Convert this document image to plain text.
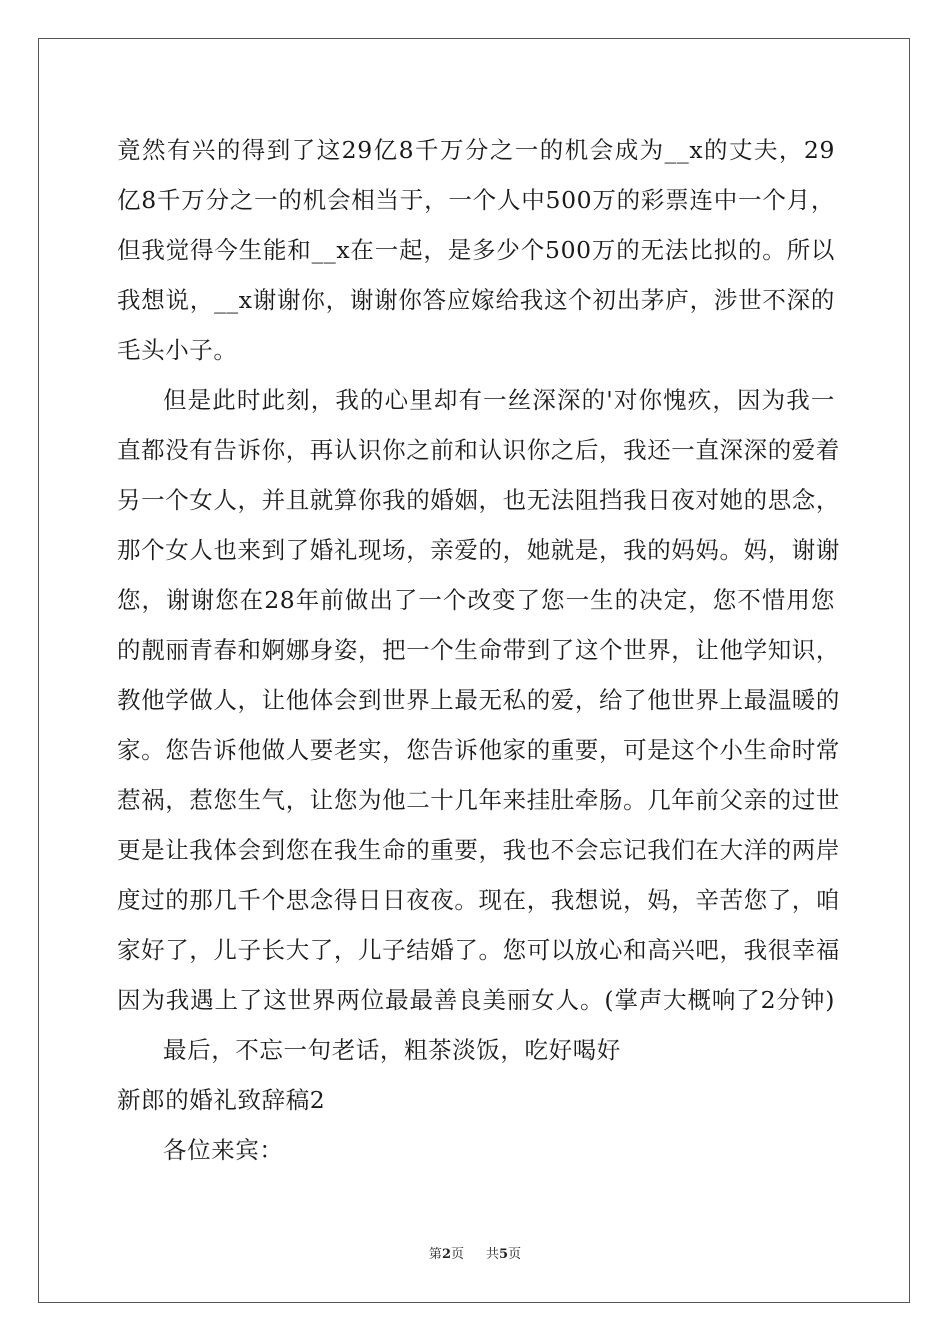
竟然有兴的得到了这29亿8千万分之一的机会成为__x的丈夫，29
亿8千万分之一的机会相当于，一个人中500万的彩票连中一个月，
但我觉得今生能和__x在一起，是多少个500万的无法比拟的。所以
我想说，__x谢谢你，谢谢你答应嫁给我这个初出茅庐，涉世不深的
毛头小子。
但是此时此刻，我的心里却有一丝深深的'对你愧疚，因为我一
直都没有告诉你，再认识你之前和认识你之后，我还一直深深的爱着
另一个女人，并且就算你我的婚姻，也无法阻挡我日夜对她的思念，
那个女人也来到了婚礼现场，亲爱的，她就是，我的妈妈。妈，谢谢
您，谢谢您在28年前做出了一个改变了您一生的决定，您不惜用您
的靓丽青春和婀娜身姿，把一个生命带到了这个世界，让他学知识，
教他学做人，让他体会到世界上最无私的爱，给了他世界上最温暖的
家。您告诉他做人要老实，您告诉他家的重要，可是这个小生命时常
惹祸，惹您生气，让您为他二十几年来挂肚牵肠。几年前父亲的过世
更是让我体会到您在我生命的重要，我也不会忘记我们在大洋的两岸
度过的那几千个思念得日日夜夜。现在，我想说，妈，辛苦您了，咱
家好了，儿子长大了，儿子结婚了。您可以放心和高兴吧，我很幸福
因为我遇上了这世界两位最最善良美丽女人。(掌声大概响了2分钟)
最后，不忘一句老话，粗茶淡饭，吃好喝好
新郎的婚礼致辞稿2
各位来宾：
第2页 共5页
